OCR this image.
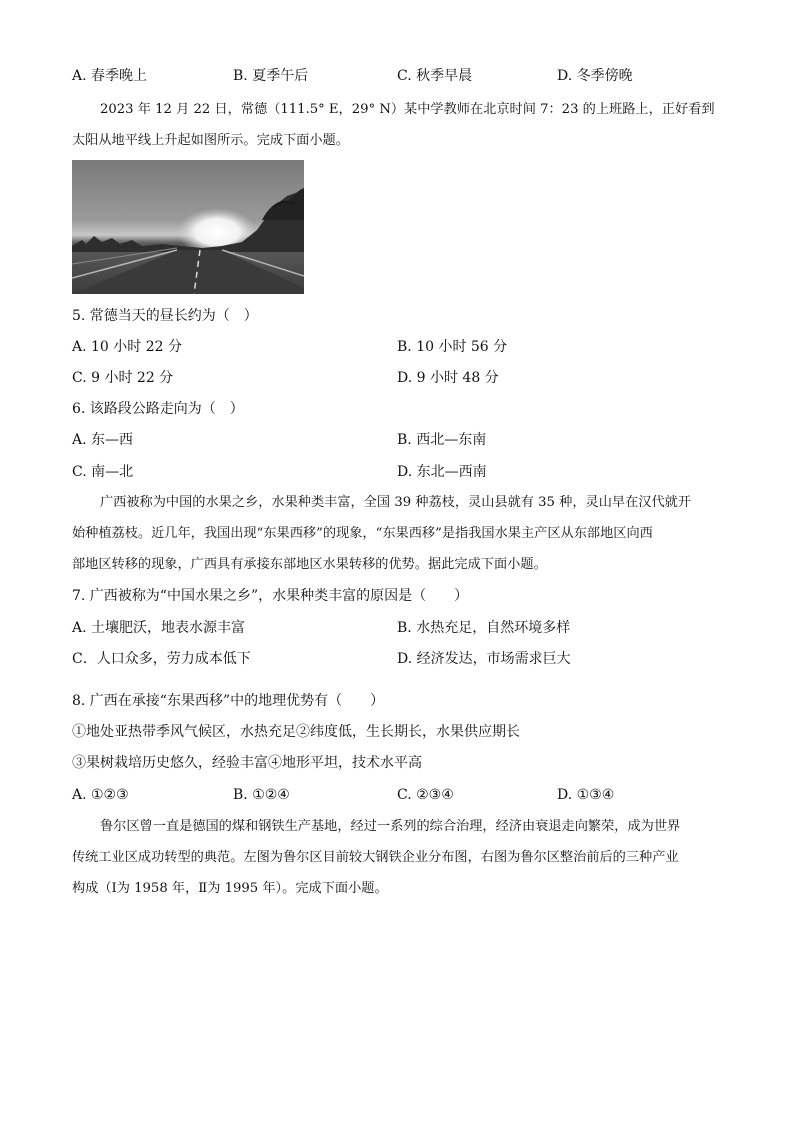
A. 春季晚上	B. 夏季午后	C. 秋季早晨	D. 冬季傍晚

2023 年 12 月 22 日，常德（111.5° E，29° N）某中学教师在北京时间 7：23 的上班路上，正好看到

太阳从地平线上升起如图所示。完成下面小题。

5. 常德当天的昼长约为（　）
A. 10 小时 22 分	B. 10 小时 56 分
C. 9 小时 22 分	D. 9 小时 48 分
6. 该路段公路走向为（　）
A. 东—西	B. 西北—东南
C. 南—北	D. 东北—西南

广西被称为中国的水果之乡，水果种类丰富，全国 39 种荔枝，灵山县就有 35 种，灵山早在汉代就开

始种植荔枝。近几年，我国出现“东果西移”的现象，“东果西移”是指我国水果主产区从东部地区向西

部地区转移的现象，广西具有承接东部地区水果转移的优势。据此完成下面小题。

7. 广西被称为“中国水果之乡”，水果种类丰富的原因是（　　）
A. 土壤肥沃，地表水源丰富	B. 水热充足，自然环境多样
C．人口众多，劳力成本低下	D. 经济发达，市场需求巨大
8. 广西在承接“东果西移”中的地理优势有（　　）
①地处亚热带季风气候区，水热充足②纬度低，生长期长，水果供应期长
③果树栽培历史悠久，经验丰富④地形平坦，技术水平高
A. ①②③	B. ①②④	C. ②③④	D. ①③④

鲁尔区曾一直是德国的煤和钢铁生产基地，经过一系列的综合治理，经济由衰退走向繁荣，成为世界

传统工业区成功转型的典范。左图为鲁尔区目前较大钢铁企业分布图，右图为鲁尔区整治前后的三种产业

构成（Ⅰ为 1958 年，Ⅱ为 1995 年）。完成下面小题。
